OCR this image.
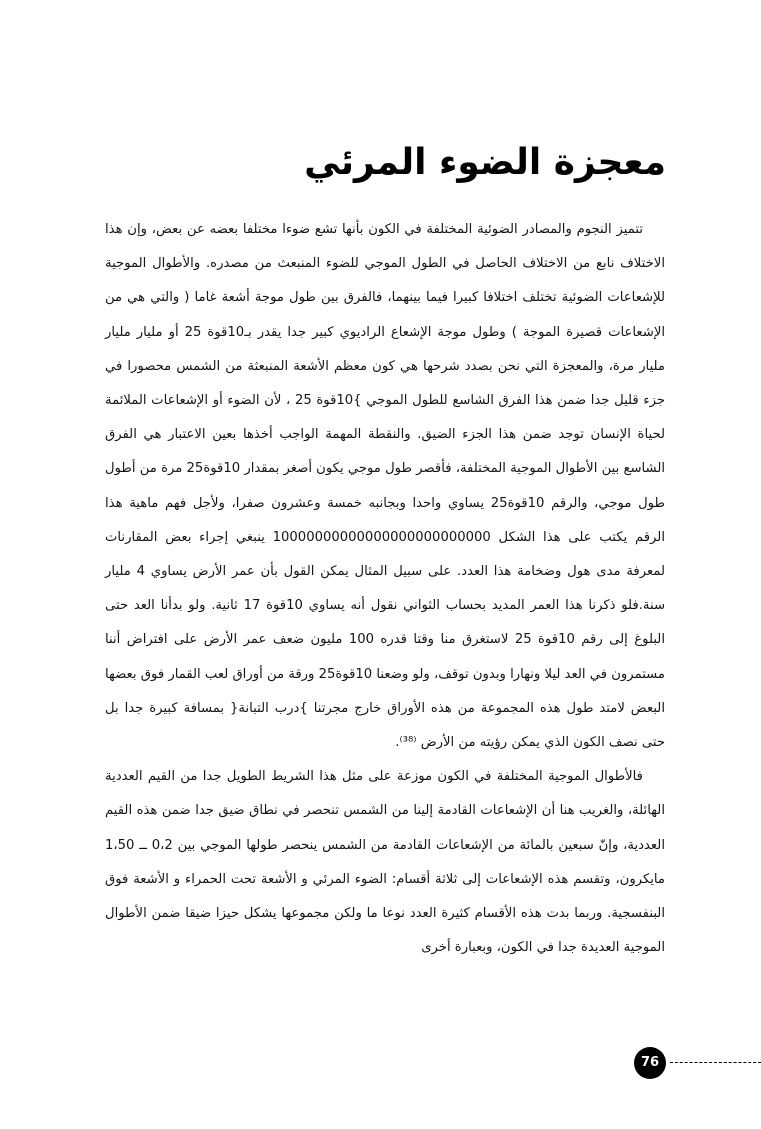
معجزة الضوء المرئي

تتميز النجوم والمصادر الضوئية المختلفة في الكون بأنها تشع ضوءا مختلفا بعضه عن بعض، وإن هذا الاختلاف نابع من الاختلاف الحاصل في الطول الموجي للضوء المنبعث من مصدره. والأطوال الموجية للإشعاعات الضوئية تختلف اختلافا كبيرا فيما بينهما، فالفرق بين طول موجة أشعة غاما ( والتي هي من الإشعاعات قصيرة الموجة ) وطول موجة الإشعاع الراديوي كبير جدا يقدر بـ10قوة 25 أو مليار مليار مليار مرة، والمعجزة التي نحن بصدد شرحها هي كون معظم الأشعة المنبعثة من الشمس محصورا في جزء قليل جدا ضمن هذا الفرق الشاسع للطول الموجي }10قوة 25 ، لأن الضوء أو الإشعاعات الملائمة لحياة الإنسان توجد ضمن هذا الجزء الضيق. والنقطة المهمة الواجب أخذها بعين الاعتبار هي الفرق الشاسع بين الأطوال الموجية المختلفة، فأقصر طول موجي يكون أصغر بمقدار 10قوة25 مرة من أطول طول موجي، والرقم 10قوة25 يساوي واحدا وبجانبه خمسة وعشرون صفرا، ولأجل فهم ماهية هذا الرقم يكتب على هذا الشكل 10000000000000000000000000 ينبغي إجراء بعض المقارنات لمعرفة مدى هول وضخامة هذا العدد. على سبيل المثال يمكن القول بأن عمر الأرض يساوي 4 مليار سنة.فلو ذكرنا هذا العمر المديد بحساب الثواني نقول أنه يساوي 10قوة 17 ثانية. ولو بدأنا العد حتى البلوغ إلى رقم 10قوة 25 لاستغرق منا وقتا قدره 100 مليون ضعف عمر الأرض على افتراض أننا مستمرون في العد ليلا ونهارا وبدون توقف، ولو وضعنا 10قوة25 ورقة من أوراق لعب القمار فوق بعضها البعض لامتد طول هذه المجموعة من هذه الأوراق خارج مجرتنا }درب التبانة{ بمسافة كبيرة جدا بل حتى نصف الكون الذي يمكن رؤيته من الأرض ⁽³⁸⁾.

فالأطوال الموجية المختلفة في الكون موزعة على مثل هذا الشريط الطويل جدا من القيم العددية الهائلة، والغريب هنا أن الإشعاعات القادمة إلينا من الشمس تنحصر في نطاق ضيق جدا ضمن هذه القيم العددية، وإنّ سبعين بالمائة من الإشعاعات القادمة من الشمس ينحصر طولها الموجي بين 0،2 ــ 1،50 مايكرون، وتقسم هذه الإشعاعات إلى ثلاثة أقسام: الضوء المرئي و الأشعة تحت الحمراء و الأشعة فوق البنفسجية. وربما بدت هذه الأقسام كثيرة العدد نوعا ما ولكن مجموعها يشكل حيزا ضيقا ضمن الأطوال الموجية العديدة جدا في الكون، وبعبارة أخرى

76
